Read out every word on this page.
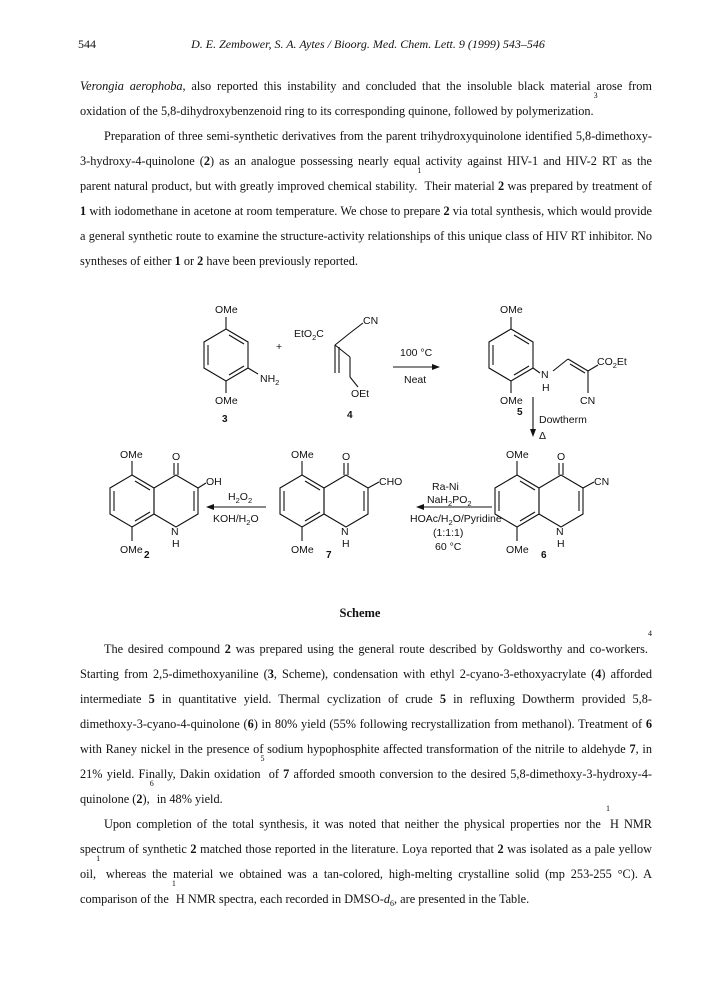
544	D. E. Zembower, S. A. Aytes / Bioorg. Med. Chem. Lett. 9 (1999) 543–546

Verongia aerophoba, also reported this instability and concluded that the insoluble black material arose from oxidation of the 5,8-dihydroxybenzenoid ring to its corresponding quinone, followed by polymerization.$^3$

Preparation of three semi-synthetic derivatives from the parent trihydroxyquinolone identified 5,8-dimethoxy-3-hydroxy-4-quinolone (2) as an analogue possessing nearly equal activity against HIV-1 and HIV-2 RT as the parent natural product, but with greatly improved chemical stability.$^1$ Their material 2 was prepared by treatment of 1 with iodomethane in acetone at room temperature. We chose to prepare 2 via total synthesis, which would provide a general synthetic route to examine the structure-activity relationships of this unique class of HIV RT inhibitor. No syntheses of either 1 or 2 have been previously reported.

OMe
OMe
$NH_2$
3
+
EtO$_2$C
CN
OEt
4
100 °C
Neat
OMe
OMe
N
H
$CO_2Et$
CN
5
Dowtherm
Δ
OMe	O
CN
N
H
OMe 6
Ra-Ni
$NaH_2PO_2$
HOAc/$H_2O$/Pyridine
(1:1:1)
60 °C
OMe	O
CHO
N
H
OMe 7
$H_2O_2$
KOH/$H_2O$
OMe	O
OH
N
H
OMe 2
Scheme

The desired compound 2 was prepared using the general route described by Goldsworthy and co-workers.$^4$ Starting from 2,5-dimethoxyaniline (3, Scheme), condensation with ethyl 2-cyano-3-ethoxyacrylate (4) afforded intermediate 5 in quantitative yield. Thermal cyclization of crude 5 in refluxing Dowtherm provided 5,8-dimethoxy-3-cyano-4-quinolone (6) in 80% yield (55% following recrystallization from methanol). Treatment of 6 with Raney nickel in the presence of sodium hypophosphite affected transformation of the nitrile to aldehyde 7, in 21% yield. Finally, Dakin oxidation$^5$ of 7 afforded smooth conversion to the desired 5,8-dimethoxy-3-hydroxy-4-quinolone (2),$^6$ in 48% yield.

Upon completion of the total synthesis, it was noted that neither the physical properties nor the $^1$H NMR spectrum of synthetic 2 matched those reported in the literature. Loya reported that 2 was isolated as a pale yellow oil,$^1$ whereas the material we obtained was a tan-colored, high-melting crystalline solid (mp 253-255 °C). A comparison of the $^1$H NMR spectra, each recorded in DMSO-$d_6$, are presented in the Table.
